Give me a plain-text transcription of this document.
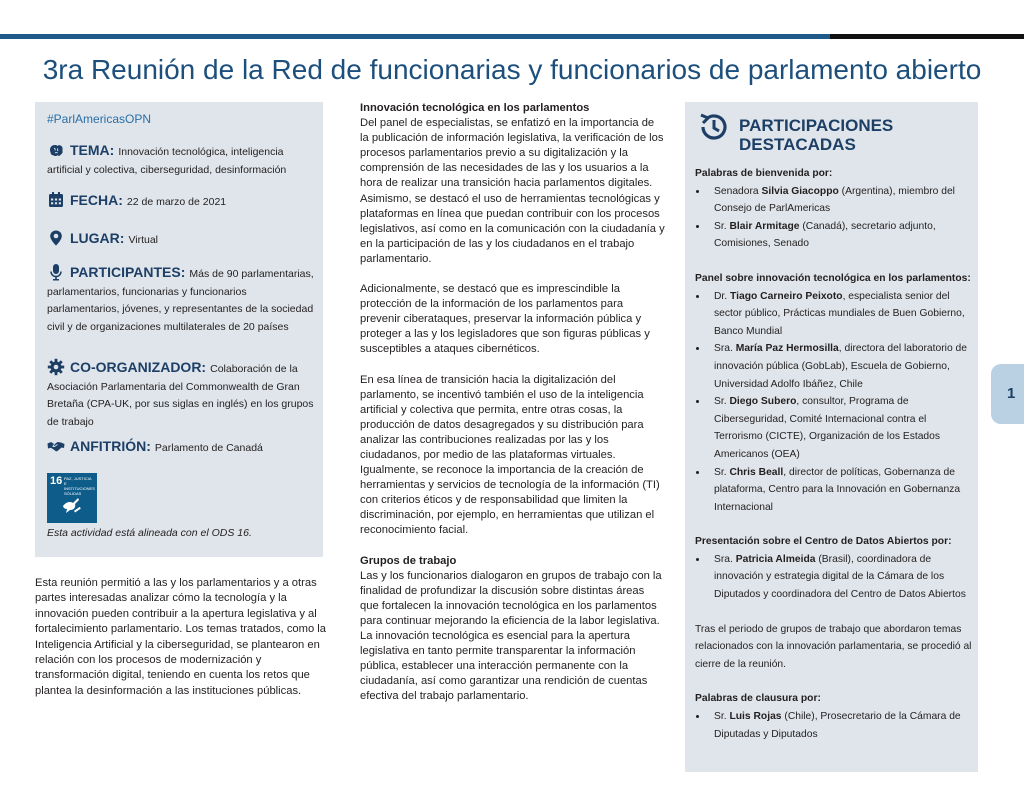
3ra Reunión de la Red de funcionarias y funcionarios de parlamento abierto
#ParlAmericasOPN
TEMA: Innovación tecnológica, inteligencia artificial y colectiva, ciberseguridad, desinformación
FECHA: 22 de marzo de 2021
LUGAR: Virtual
PARTICIPANTES: Más de 90 parlamentarias, parlamentarios, funcionarias y funcionarios parlamentarios, jóvenes, y representantes de la sociedad civil y de organizaciones multilaterales de 20 países
CO-ORGANIZADOR: Colaboración de la Asociación Parlamentaria del Commonwealth de Gran Bretaña (CPA-UK, por sus siglas en inglés) en los grupos de trabajo
ANFITRIÓN: Parlamento de Canadá
16 PAZ, JUSTICIA E INSTITUCIONES SÓLIDAS
Esta actividad está alineada con el ODS 16.
Esta reunión permitió a las y los parlamentarios y a otras partes interesadas analizar cómo la tecnología y la innovación pueden contribuir a la apertura legislativa y al fortalecimiento parlamentario. Los temas tratados, como la Inteligencia Artificial y la ciberseguridad, se plantearon en relación con los procesos de modernización y transformación digital, teniendo en cuenta los retos que plantea la desinformación a las instituciones públicas.
Innovación tecnológica en los parlamentos

Del panel de especialistas, se enfatizó en la importancia de la publicación de información legislativa, la verificación de los procesos parlamentarios previo a su digitalización y la comprensión de las necesidades de las y los usuarios a la hora de realizar una transición hacia parlamentos digitales. Asimismo, se destacó el uso de herramientas tecnológicas y plataformas en línea que puedan contribuir con los procesos legislativos, así como en la comunicación con la ciudadanía y en la participación de las y los ciudadanos en el trabajo parlamentario.

Adicionalmente, se destacó que es imprescindible la protección de la información de los parlamentos para prevenir ciberataques, preservar la información pública y proteger a las y los legisladores que son figuras públicas y susceptibles a ataques cibernéticos.

En esa línea de transición hacia la digitalización del parlamento, se incentivó también el uso de la inteligencia artificial y colectiva que permita, entre otras cosas, la producción de datos desagregados y su distribución para analizar las contribuciones realizadas por las y los ciudadanos, por medio de las plataformas virtuales. Igualmente, se reconoce la importancia de la creación de herramientas y servicios de tecnología de la información (TI) con criterios éticos y de responsabilidad que limiten la discriminación, por ejemplo, en herramientas que utilizan el reconocimiento facial.

Grupos de trabajo

Las y los funcionarios dialogaron en grupos de trabajo con la finalidad de profundizar la discusión sobre distintas áreas que fortalecen la innovación tecnológica en los parlamentos para continuar mejorando la eficiencia de la labor legislativa. La innovación tecnológica es esencial para la apertura legislativa en tanto permite transparentar la información pública, establecer una interacción permanente con la ciudadanía, así como garantizar una rendición de cuentas efectiva del trabajo parlamentario.

PARTICIPACIONES
DESTACADAS
Palabras de bienvenida por:
• Senadora Silvia Giacoppo (Argentina), miembro del Consejo de ParlAmericas
• Sr. Blair Armitage (Canadá), secretario adjunto, Comisiones, Senado
Panel sobre innovación tecnológica en los parlamentos:
• Dr. Tiago Carneiro Peixoto, especialista senior del sector público, Prácticas mundiales de Buen Gobierno, Banco Mundial
• Sra. María Paz Hermosilla, directora del laboratorio de innovación pública (GobLab), Escuela de Gobierno, Universidad Adolfo Ibáñez, Chile
• Sr. Diego Subero, consultor, Programa de Ciberseguridad, Comité Internacional contra el Terrorismo (CICTE), Organización de los Estados Americanos (OEA)
• Sr. Chris Beall, director de políticas, Gobernanza de plataforma, Centro para la Innovación en Gobernanza Internacional
Presentación sobre el Centro de Datos Abiertos por:
• Sra. Patricia Almeida (Brasil), coordinadora de innovación y estrategia digital de la Cámara de los Diputados y coordinadora del Centro de Datos Abiertos

Tras el periodo de grupos de trabajo que abordaron temas relacionados con la innovación parlamentaria, se procedió al cierre de la reunión.

Palabras de clausura por:
• Sr. Luis Rojas (Chile), Prosecretario de la Cámara de Diputadas y Diputados
1
